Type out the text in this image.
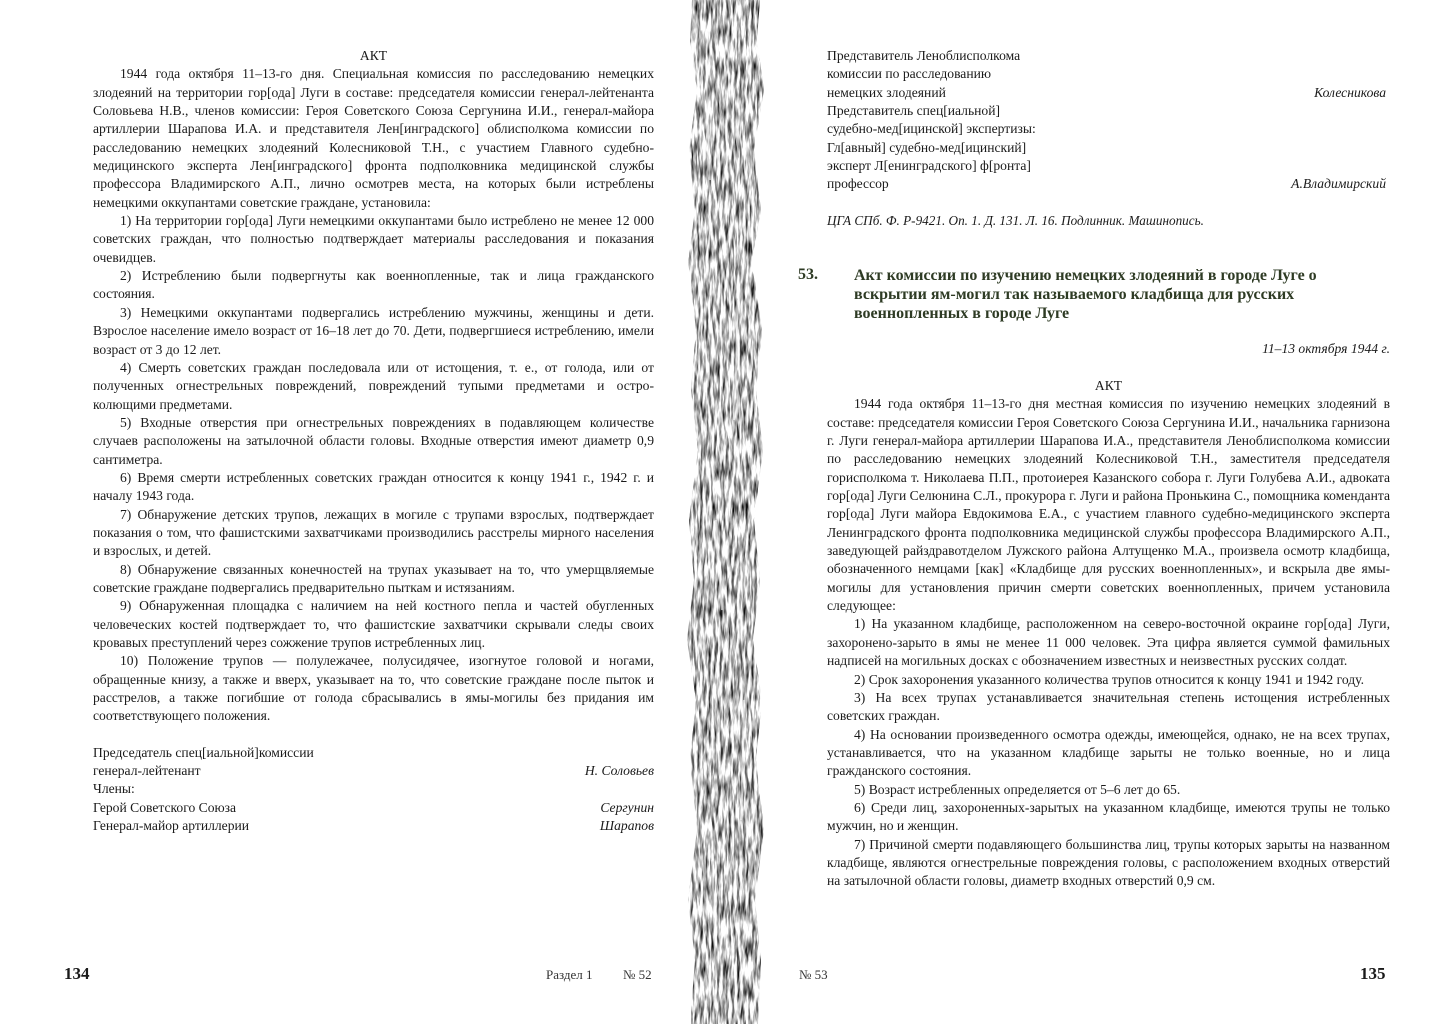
АКТ

1944 года октября 11–13-го дня. Специальная комиссия по расследованию немецких злодеяний на территории гор[ода] Луги в составе: председателя комиссии генерал-лейтенанта Соловьева Н.В., членов комиссии: Героя Советского Союза Сергунина И.И., генерал-майора артиллерии Шарапова И.А. и представителя Лен[инградского] облисполкома комиссии по расследованию немецких злодеяний Колесниковой Т.Н., с участием Главного судебно-медицинского эксперта Лен[инградского] фронта подполковника медицинской службы профессора Владимирского А.П., лично осмотрев места, на которых были истреблены немецкими оккупантами советские граждане, установила:

1) На территории гор[ода] Луги немецкими оккупантами было истреблено не менее 12 000 советских граждан, что полностью подтверждает материалы расследования и показания очевидцев.

2) Истреблению были подвергнуты как военнопленные, так и лица гражданского состояния.

3) Немецкими оккупантами подвергались истреблению мужчины, женщины и дети. Взрослое население имело возраст от 16–18 лет до 70. Дети, подвергшиеся истреблению, имели возраст от 3 до 12 лет.

4) Смерть советских граждан последовала или от истощения, т. е., от голода, или от полученных огнестрельных повреждений, повреждений тупыми предметами и остро-колющими предметами.

5) Входные отверстия при огнестрельных повреждениях в подавляющем количестве случаев расположены на затылочной области головы. Входные отверстия имеют диаметр 0,9 сантиметра.

6) Время смерти истребленных советских граждан относится к концу 1941 г., 1942 г. и началу 1943 года.

7) Обнаружение детских трупов, лежащих в могиле с трупами взрослых, подтверждает показания о том, что фашистскими захватчиками производились расстрелы мирного населения и взрослых, и детей.

8) Обнаружение связанных конечностей на трупах указывает на то, что умерщвляемые советские граждане подвергались предварительно пыткам и истязаниям.

9) Обнаруженная площадка с наличием на ней костного пепла и частей обугленных человеческих костей подтверждает то, что фашистские захватчики скрывали следы своих кровавых преступлений через сожжение трупов истребленных лиц.

10) Положение трупов — полулежачее, полусидячее, изогнутое головой и ногами, обращенные книзу, а также и вверх, указывает на то, что советские граждане после пыток и расстрелов, а также погибшие от голода сбрасывались в ямы-могилы без придания им соответствующего положения.

Председатель спец[иальной]комиссии
генерал-лейтенант	Н. Соловьев
Члены:
Герой Советского Союза	Сергунин
Генерал-майор артиллерии	Шарапов
134	Раздел 1 № 52
Представитель Леноблисполкома
комиссии по расследованию
немецких злодеяний	Колесникова
Представитель спец[иальной]
судебно-мед[ицинской] экспертизы:
Гл[авный] судебно-мед[ицинский]
эксперт Л[енинградского] ф[ронта]
профессор	А.Владимирский
ЦГА СПб. Ф. Р-9421. Оп. 1. Д. 131. Л. 16. Подлинник. Машинопись.
53. Акт комиссии по изучению немецких злодеяний в городе Луге о вскрытии ям-могил так называемого кладбища для русских военнопленных в городе Луге
11–13 октября 1944 г.
АКТ

1944 года октября 11–13-го дня местная комиссия по изучению немецких злодеяний в составе: председателя комиссии Героя Советского Союза Сергунина И.И., начальника гарнизона г. Луги генерал-майора артиллерии Шарапова И.А., представителя Леноблисполкома комиссии по расследованию немецких злодеяний Колесниковой Т.Н., заместителя председателя горисполкома т. Николаева П.П., протоиерея Казанского собора г. Луги Голубева А.И., адвоката гор[ода] Луги Селюнина С.Л., прокурора г. Луги и района Пронькина С., помощника коменданта гор[ода] Луги майора Евдокимова Е.А., с участием главного судебно-медицинского эксперта Ленинградского фронта подполковника медицинской службы профессора Владимирского А.П., заведующей райздравотделом Лужского района Алтущенко М.А., произвела осмотр кладбища, обозначенного немцами [как] «Кладбище для русских военнопленных», и вскрыла две ямы-могилы для установления причин смерти советских военнопленных, причем установила следующее:

1) На указанном кладбище, расположенном на северо-восточной окраине гор[ода] Луги, захоронено-зарыто в ямы не менее 11 000 человек. Эта цифра является суммой фамильных надписей на могильных досках с обозначением известных и неизвестных русских солдат.

2) Срок захоронения указанного количества трупов относится к концу 1941 и 1942 году.

3) На всех трупах устанавливается значительная степень истощения истребленных советских граждан.

4) На основании произведенного осмотра одежды, имеющейся, однако, не на всех трупах, устанавливается, что на указанном кладбище зарыты не только военные, но и лица гражданского состояния.

5) Возраст истребленных определяется от 5–6 лет до 65.

6) Среди лиц, захороненных-зарытых на указанном кладбище, имеются трупы не только мужчин, но и женщин.

7) Причиной смерти подавляющего большинства лиц, трупы которых зарыты на названном кладбище, являются огнестрельные повреждения головы, с расположением входных отверстий на затылочной области головы, диаметр входных отверстий 0,9 см.

№ 53	135
